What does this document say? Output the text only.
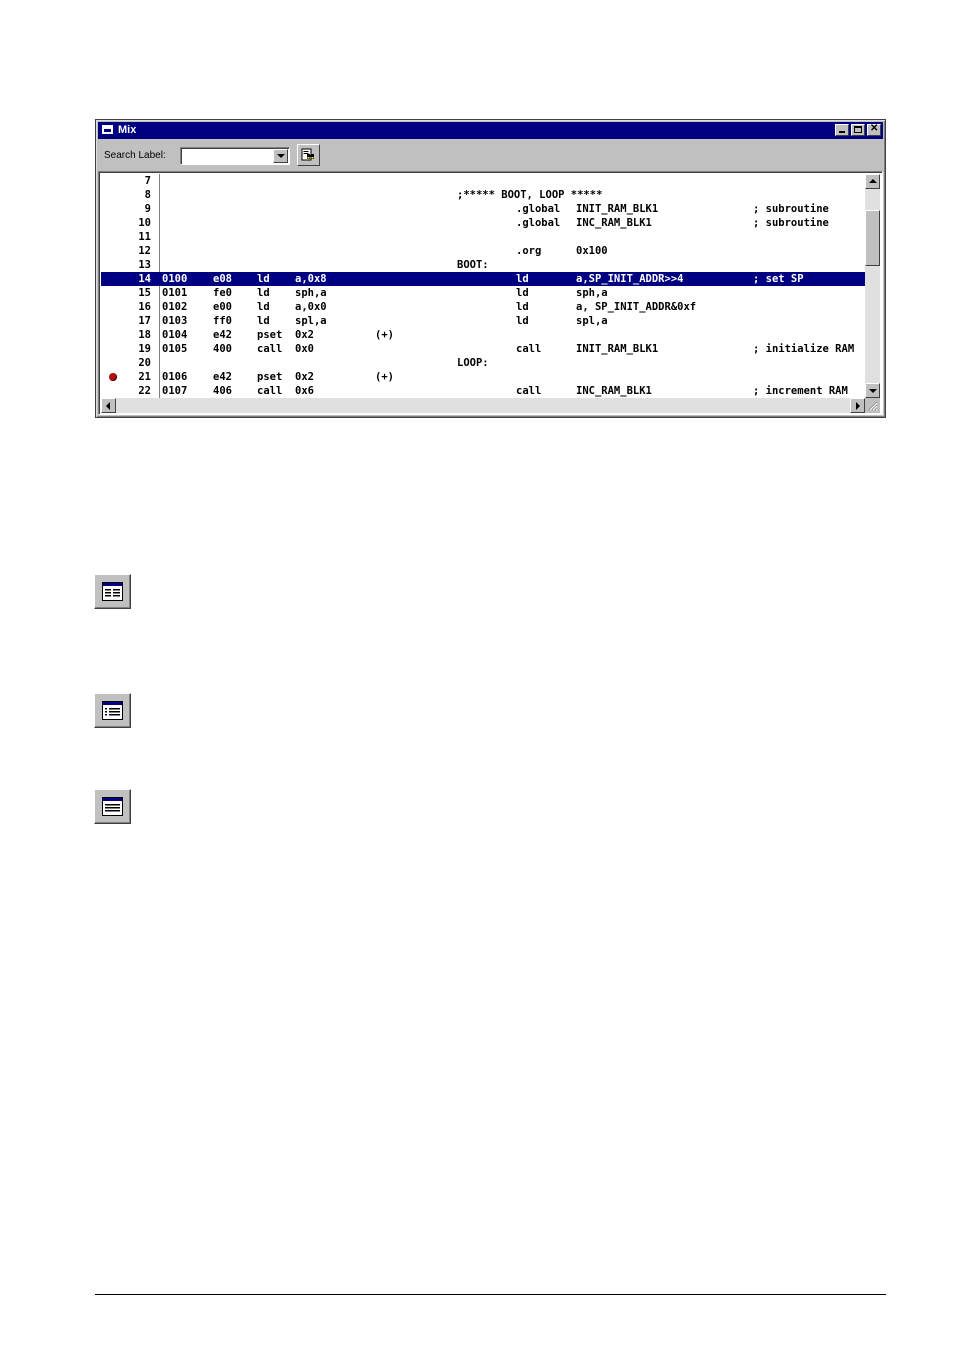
Mix
✕
Search Label:
7
8	;***** BOOT, LOOP *****
9	.global INIT_RAM_BLK1	; subroutine
10	.global INC_RAM_BLK1	; subroutine
11
12	.org	0x100
13	BOOT:
14 0100 e08 ld a,0x8	ld	a,SP_INIT_ADDR>>4	; set SP
15 0101 fe0 ld sph,a	ld	sph,a
16 0102 e00 ld a,0x0	ld	a, SP_INIT_ADDR&0xf
17 0103 ff0 ld spl,a	ld	spl,a
18 0104 e42 pset 0x2	(+)
19 0105 400 call 0x0	call	INIT_RAM_BLK1	; initialize RAM
20	LOOP:
21 0106 e42 pset 0x2	(+)
22 0107 406 call 0x6	call	INC_RAM_BLK1	; increment RAM
